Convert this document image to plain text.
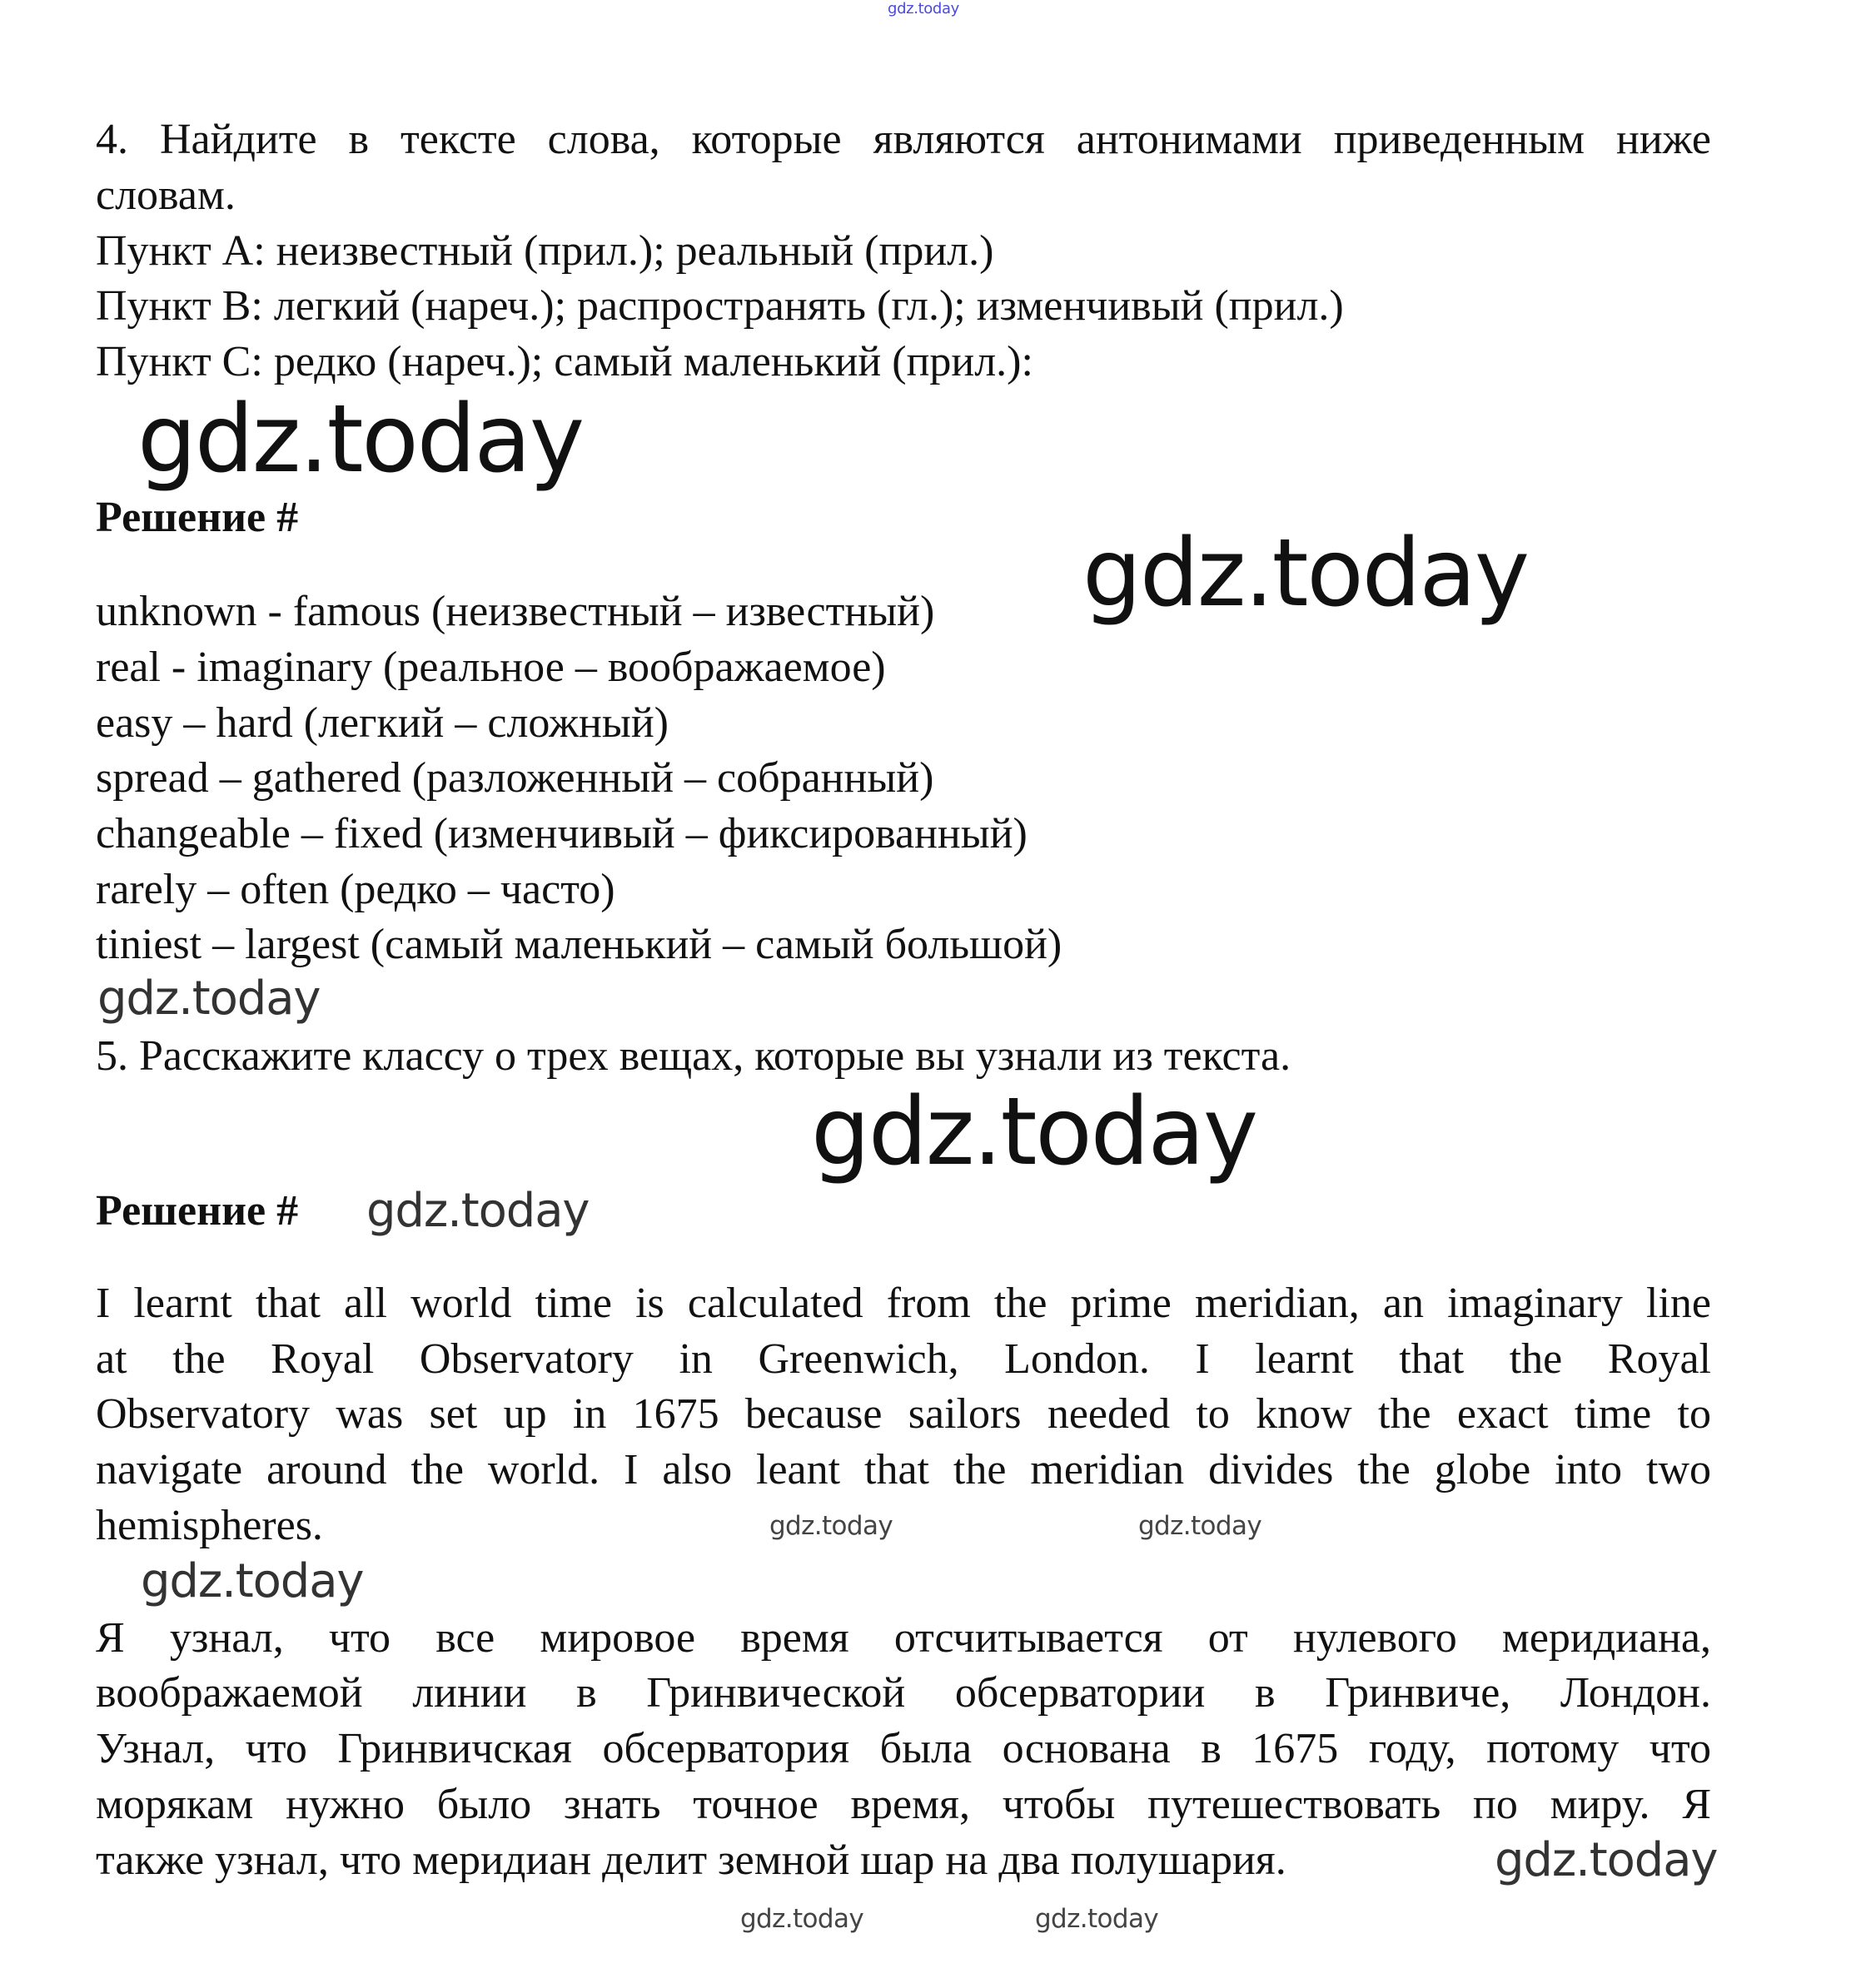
gdz.today
gdz.today
gdz.today
gdz.today
gdz.today
gdz.today
gdz.today
gdz.today	gdz.today
gdz.today	gdz.today
gdz.today
4. Найдите в тексте слова, которые являются антонимами приведенным ниже
словам.
Пункт А: неизвестный (прил.); реальный (прил.)
Пункт В: легкий (нареч.); распространять (гл.); изменчивый (прил.)
Пункт С: редко (нареч.); самый маленький (прил.):
Решение #
unknown - famous (неизвестный – известный)
real - imaginary (реальное – воображаемое)
easy – hard (легкий – сложный)
spread – gathered (разложенный – собранный)
changeable – fixed (изменчивый – фиксированный)
rarely – often (редко – часто)
tiniest – largest (самый маленький – самый большой)
5. Расскажите классу о трех вещах, которые вы узнали из текста.
Решение #
I learnt that all world time is calculated from the prime meridian, an imaginary line
at the Royal Observatory in Greenwich, London. I learnt that the Royal
Observatory was set up in 1675 because sailors needed to know the exact time to
navigate around the world. I also leant that the meridian divides the globe into two
hemispheres.
Я узнал, что все мировое время отсчитывается от нулевого меридиана,
воображаемой линии в Гринвической обсерватории в Гринвиче, Лондон.
Узнал, что Гринвичская обсерватория была основана в 1675 году, потому что
морякам нужно было знать точное время, чтобы путешествовать по миру. Я
также узнал, что меридиан делит земной шар на два полушария.
